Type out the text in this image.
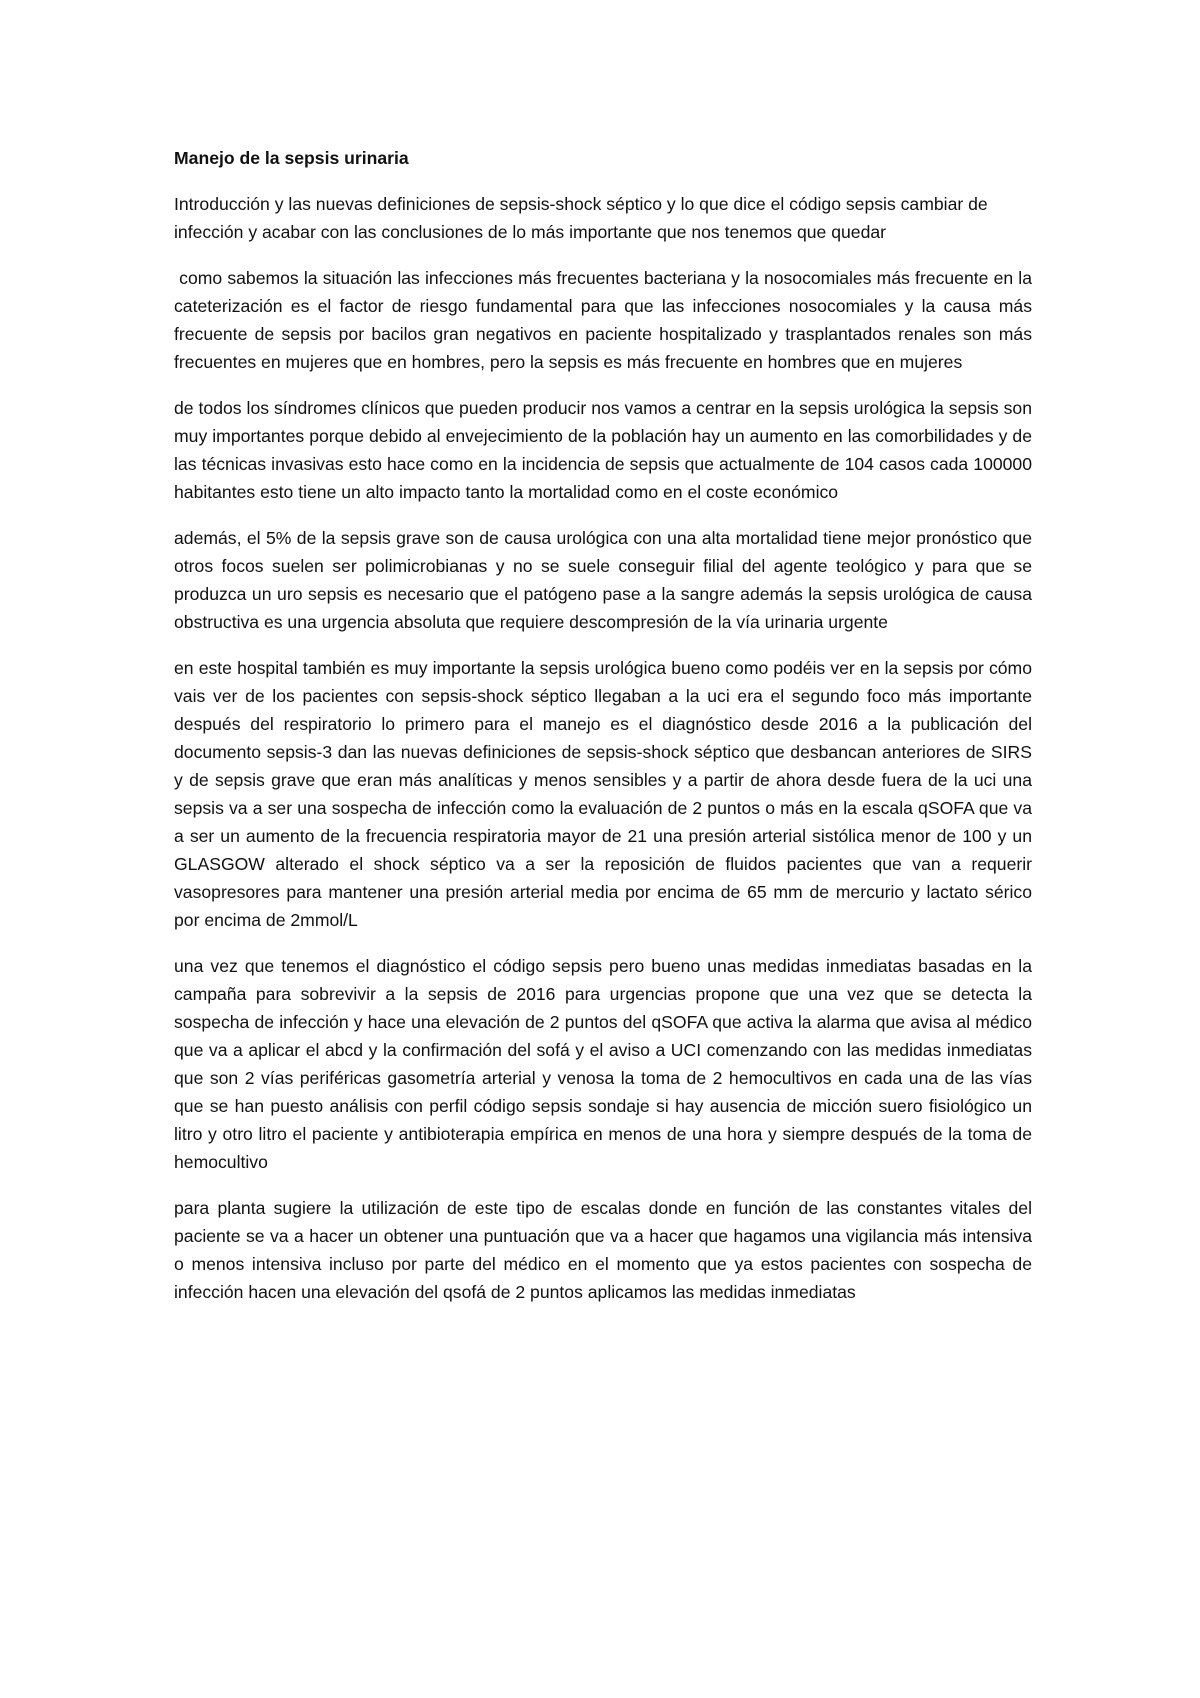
Manejo de la sepsis urinaria
Introducción y las nuevas definiciones de sepsis-shock séptico y lo que dice el código sepsis cambiar de infección y acabar con las conclusiones de lo más importante que nos tenemos que quedar
como sabemos la situación las infecciones más frecuentes bacteriana y la nosocomiales más frecuente en la cateterización es el factor de riesgo fundamental para que las infecciones nosocomiales y la causa más frecuente de sepsis por bacilos gran negativos en paciente hospitalizado y trasplantados renales son más frecuentes en mujeres que en hombres, pero la sepsis es más frecuente en hombres que en mujeres
de todos los síndromes clínicos que pueden producir nos vamos a centrar en la sepsis urológica la sepsis son muy importantes porque debido al envejecimiento de la población hay un aumento en las comorbilidades y de las técnicas invasivas esto hace como en la incidencia de sepsis que actualmente de 104 casos cada 100000 habitantes esto tiene un alto impacto tanto la mortalidad como en el coste económico
además, el 5% de la sepsis grave son de causa urológica con una alta mortalidad tiene mejor pronóstico que otros focos suelen ser polimicrobianas y no se suele conseguir filial del agente teológico y para que se produzca un uro sepsis es necesario que el patógeno pase a la sangre además la sepsis urológica de causa obstructiva es una urgencia absoluta que requiere descompresión de la vía urinaria urgente
en este hospital también es muy importante la sepsis urológica bueno como podéis ver en la sepsis por cómo vais ver de los pacientes con sepsis-shock séptico llegaban a la uci era el segundo foco más importante después del respiratorio lo primero para el manejo es el diagnóstico desde 2016 a la publicación del documento sepsis-3 dan las nuevas definiciones de sepsis-shock séptico que desbancan anteriores de SIRS y de sepsis grave que eran más analíticas y menos sensibles y a partir de ahora desde fuera de la uci una sepsis va a ser una sospecha de infección como la evaluación de 2 puntos o más en la escala qSOFA que va a ser un aumento de la frecuencia respiratoria mayor de 21 una presión arterial sistólica menor de 100 y un GLASGOW alterado el shock séptico va a ser la reposición de fluidos pacientes que van a requerir vasopresores para mantener una presión arterial media por encima de 65 mm de mercurio y lactato sérico por encima de 2mmol/L
una vez que tenemos el diagnóstico el código sepsis pero bueno unas medidas inmediatas basadas en la campaña para sobrevivir a la sepsis de 2016 para urgencias propone que una vez que se detecta la sospecha de infección y hace una elevación de 2 puntos del qSOFA que activa la alarma que avisa al médico que va a aplicar el abcd y la confirmación del sofá y el aviso a UCI comenzando con las medidas inmediatas que son 2 vías periféricas gasometría arterial y venosa la toma de 2 hemocultivos en cada una de las vías que se han puesto análisis con perfil código sepsis sondaje si hay ausencia de micción suero fisiológico un litro y otro litro el paciente y antibioterapia empírica en menos de una hora y siempre después de la toma de hemocultivo
para planta sugiere la utilización de este tipo de escalas donde en función de las constantes vitales del paciente se va a hacer un obtener una puntuación que va a hacer que hagamos una vigilancia más intensiva o menos intensiva incluso por parte del médico en el momento que ya estos pacientes con sospecha de infección hacen una elevación del qsofá de 2 puntos aplicamos las medidas inmediatas
